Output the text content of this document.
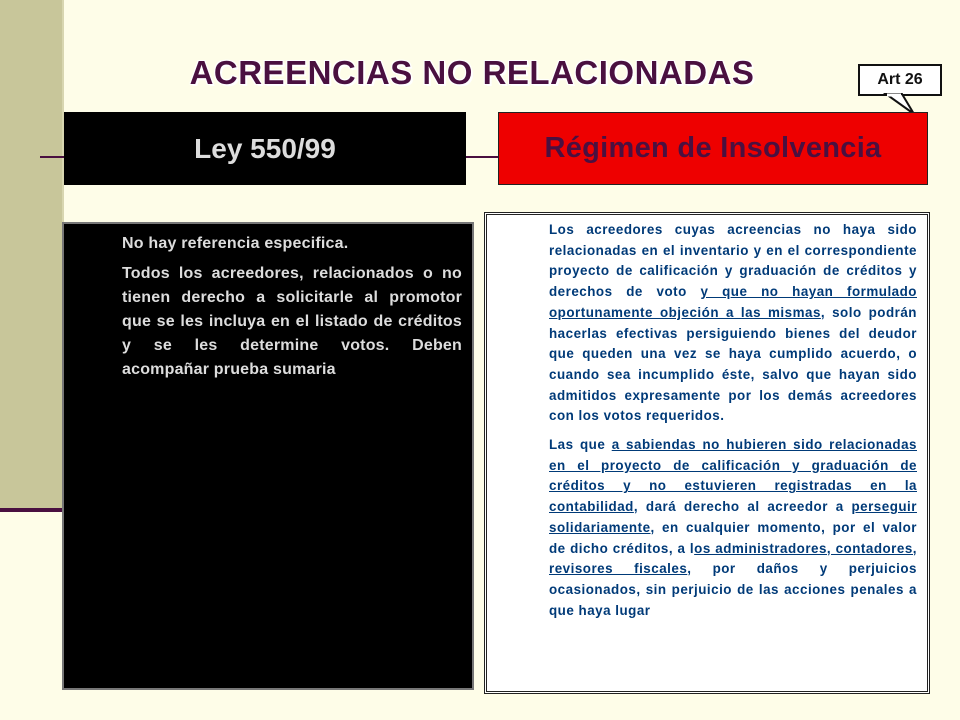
ACREENCIAS NO RELACIONADAS	Art 26
Ley 550/99	Régimen de Insolvencia

No hay referencia especifica.

Todos los acreedores, relacionados o no tienen derecho a solicitarle al promotor que se les incluya en el listado de créditos y se les determine votos. Deben acompañar prueba sumaria

Los acreedores cuyas acreencias no haya sido relacionadas en el inventario y en el correspondiente proyecto de calificación y graduación de créditos y derechos de voto y que no hayan formulado oportunamente objeción a las mismas, solo podrán hacerlas efectivas persiguiendo bienes del deudor que queden una vez se haya cumplido acuerdo, o cuando sea incumplido éste, salvo que hayan sido admitidos expresamente por los demás acreedores con los votos requeridos.

Las que a sabiendas no hubieren sido relacionadas en el proyecto de calificación y graduación de créditos y no estuvieren registradas en la contabilidad, dará derecho al acreedor a perseguir solidariamente, en cualquier momento, por el valor de dicho créditos, a los administradores, contadores, revisores fiscales, por daños y perjuicios ocasionados, sin perjuicio de las acciones penales a que haya lugar
